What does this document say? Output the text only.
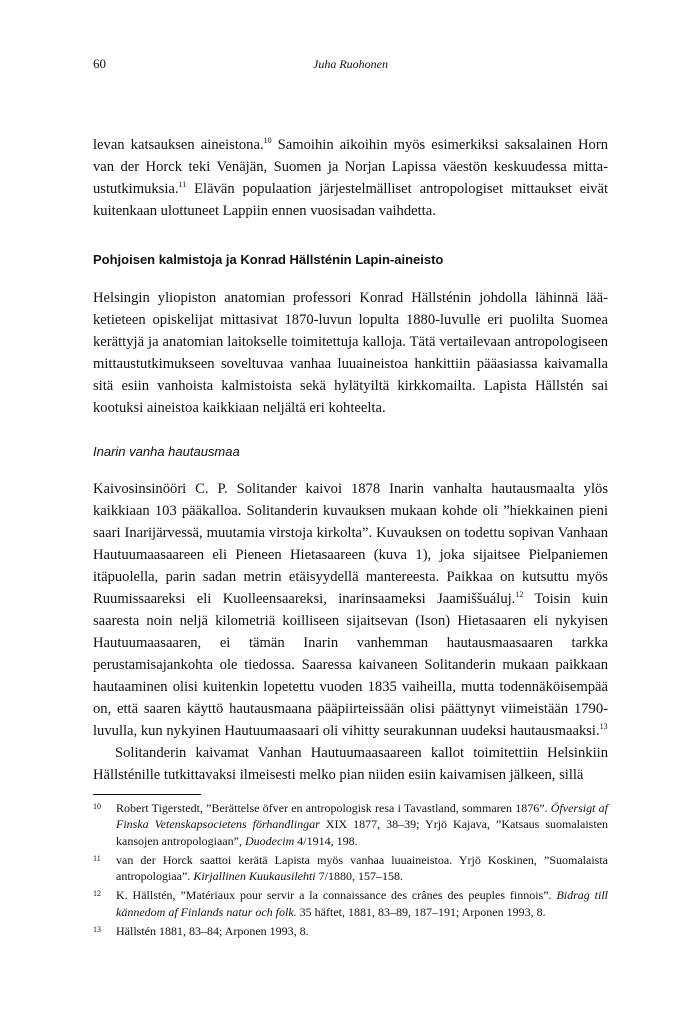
60	Juha Ruohonen

levan katsauksen aineistona.$^{10}$ Samoihin aikoihin myös esimerkiksi saksalainen Horn van der Horck teki Venäjän, Suomen ja Norjan Lapissa väestön keskuudessa mittaustutkimuksia.$^{11}$ Elävän populaation järjestelmälliset antropologiset mittaukset eivät kuitenkaan ulottuneet Lappiin ennen vuosisadan vaihdetta.

Pohjoisen kalmistoja ja Konrad Hällsténin Lapin-aineisto

Helsingin yliopiston anatomian professori Konrad Hällsténin johdolla lähinnä lääketieteen opiskelijat mittasivat 1870-luvun lopulta 1880-luvulle eri puolilta Suomea kerättyjä ja anatomian laitokselle toimitettuja kalloja. Tätä vertailevaan antropologiseen mittaustutkimukseen soveltuvaa vanhaa luuaineistoa hankittiin pääasiassa kaivamalla sitä esiin vanhoista kalmistoista sekä hylätyiltä kirkkomailta. Lapista Hällstén sai kootuksi aineistoa kaikkiaan neljältä eri kohteelta.

Inarin vanha hautausmaa

Kaivosinsinööri C. P. Solitander kaivoi 1878 Inarin vanhalta hautausmaalta ylös kaikkiaan 103 pääkalloa. Solitanderin kuvauksen mukaan kohde oli ”hiekkainen pieni saari Inarijärvessä, muutamia virstoja kirkolta”. Kuvauksen on todettu sopivan Vanhaan Hautuumaasaareen eli Pieneen Hietasaareen (kuva 1), joka sijaitsee Pielpaniemen itäpuolella, parin sadan metrin etäisyydellä mantereesta. Paikkaa on kutsuttu myös Ruumissaareksi eli Kuolleensaareksi, inarinsaameksi Jaamiššuáluj.$^{12}$ Toisin kuin saaresta noin neljä kilometriä koilliseen sijaitsevan (Ison) Hietasaaren eli nykyisen Hautuumaasaaren, ei tämän Inarin vanhemman hautausmaasaaren tarkka perustamisajankohta ole tiedossa. Saaressa kaivaneen Solitanderin mukaan paikkaan hautaaminen olisi kuitenkin lopetettu vuoden 1835 vaiheilla, mutta todennäköisempää on, että saaren käyttö hautausmaana pääpiirteissään olisi päättynyt viimeistään 1790-luvulla, kun nykyinen Hautuumaasaari oli vihitty seurakunnan uudeksi hautausmaaksi.$^{13}$

Solitanderin kaivamat Vanhan Hautuumaasaareen kallot toimitettiin Helsinkiin Hällsténille tutkittavaksi ilmeisesti melko pian niiden esiin kaivamisen jälkeen, sillä

10	Robert Tigerstedt, ”Berättelse öfver en antropologisk resa i Tavastland, sommaren 1876”. Öfversigt af Finska Vetenskapsocietens förhandlingar XIX 1877, 38–39; Yrjö Kajava, ”Katsaus suomalaisten kansojen antropologiaan”, Duodecim 4/1914, 198.
11	van der Horck saattoi kerätä Lapista myös vanhaa luuaineistoa. Yrjö Koskinen, ”Suomalaista antropologiaa”. Kirjallinen Kuukausilehti 7/1880, 157–158.
12	K. Hällstén, ”Matériaux pour servir a la connaissance des crânes des peuples finnois”. Bidrag till kännedom af Finlands natur och folk. 35 häftet, 1881, 83–89, 187–191; Arponen 1993, 8.
13	Hällstén 1881, 83–84; Arponen 1993, 8.
